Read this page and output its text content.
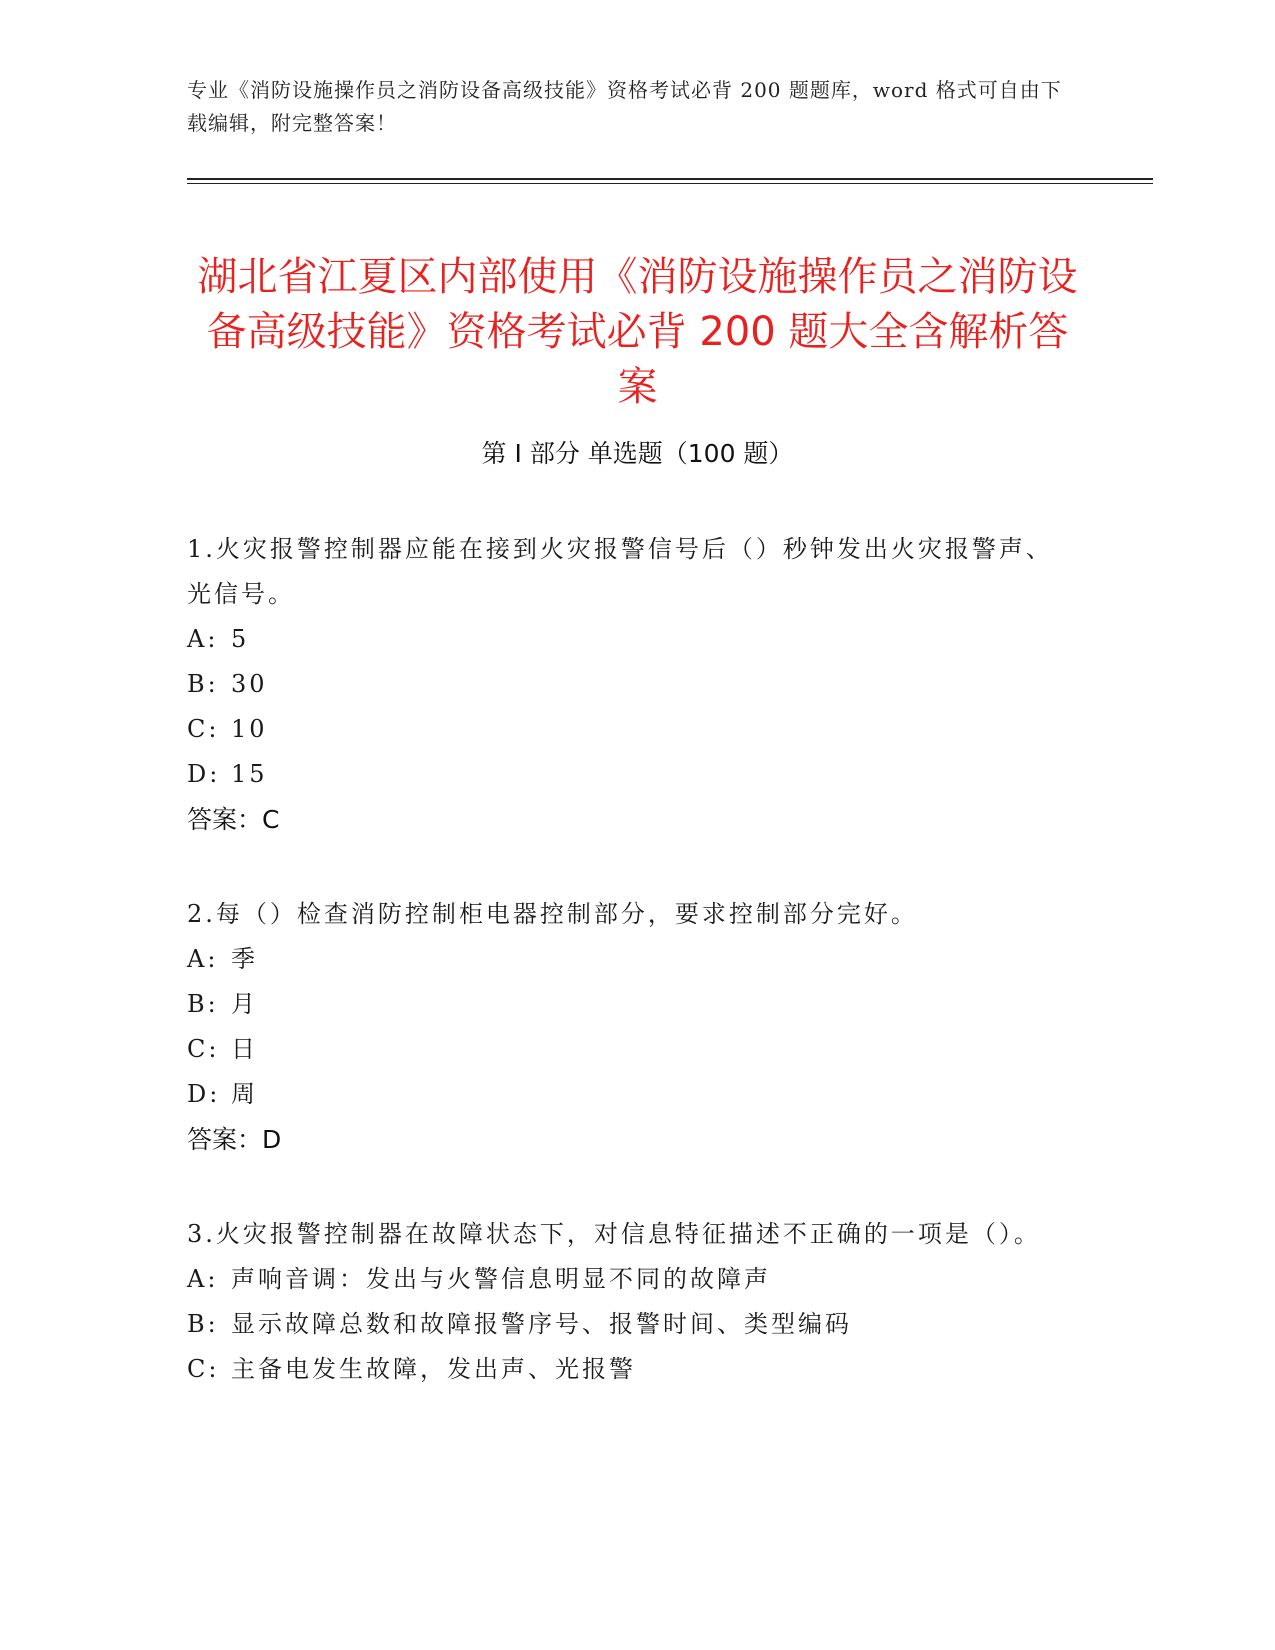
专业《消防设施操作员之消防设备高级技能》资格考试必背 200 题题库，word 格式可自由下载编辑，附完整答案！
湖北省江夏区内部使用《消防设施操作员之消防设备高级技能》资格考试必背 200 题大全含解析答案
第 I 部分 单选题（100 题）
1.火灾报警控制器应能在接到火灾报警信号后（）秒钟发出火灾报警声、光信号。
A: 5
B: 30
C: 10
D: 15
答案：C
2.每（）检查消防控制柜电器控制部分，要求控制部分完好。
A: 季
B: 月
C: 日
D: 周
答案：D
3.火灾报警控制器在故障状态下，对信息特征描述不正确的一项是（）。
A: 声响音调：发出与火警信息明显不同的故障声
B: 显示故障总数和故障报警序号、报警时间、类型编码
C: 主备电发生故障，发出声、光报警
